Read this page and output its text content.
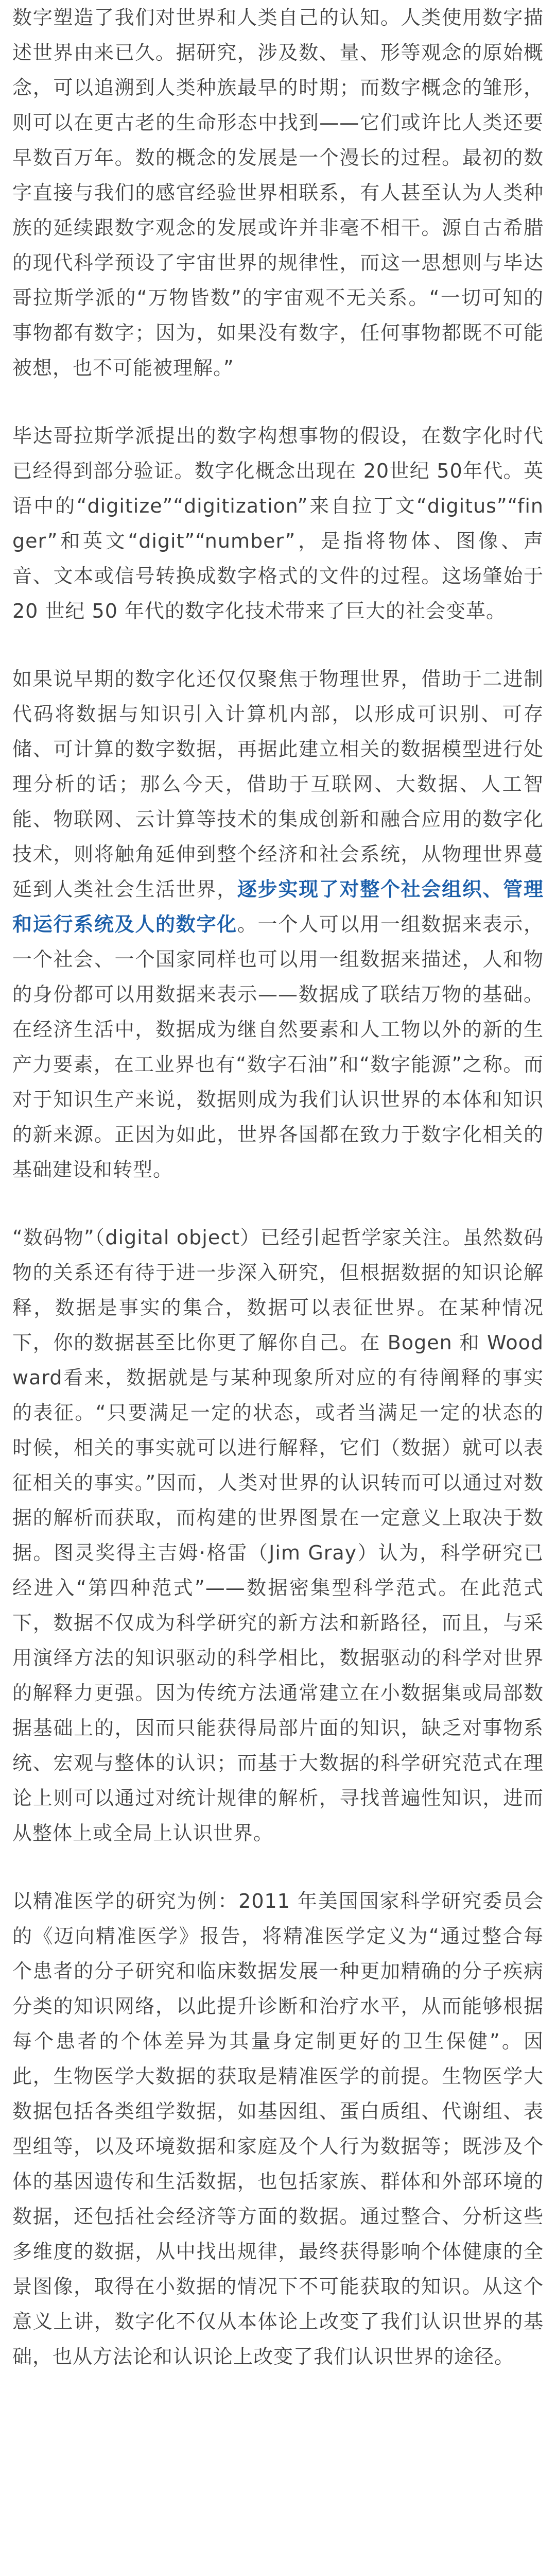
数字塑造了我们对世界和人类自己的认知。人类使用数字描述世界由来已久。据研究，涉及数、量、形等观念的原始概念，可以追溯到人类种族最早的时期；而数字概念的雏形，则可以在更古老的生命形态中找到——它们或许比人类还要早数百万年。数的概念的发展是一个漫长的过程。最初的数字直接与我们的感官经验世界相联系，有人甚至认为人类种族的延续跟数字观念的发展或许并非毫不相干。源自古希腊的现代科学预设了宇宙世界的规律性，而这一思想则与毕达哥拉斯学派的“万物皆数”的宇宙观不无关系。“一切可知的事物都有数字；因为，如果没有数字，任何事物都既不可能被想，也不可能被理解。”

毕达哥拉斯学派提出的数字构想事物的假设，在数字化时代已经得到部分验证。数字化概念出现在 20世纪 50年代。英语中的“digitize”“digitization”来自拉丁文“digitus”“finger”和英文“digit”“number”，是指将物体、图像、声音、文本或信号转换成数字格式的文件的过程。这场肇始于 20 世纪 50 年代的数字化技术带来了巨大的社会变革。

如果说早期的数字化还仅仅聚焦于物理世界，借助于二进制代码将数据与知识引入计算机内部，以形成可识别、可存储、可计算的数字数据，再据此建立相关的数据模型进行处理分析的话；那么今天，借助于互联网、大数据、人工智能、物联网、云计算等技术的集成创新和融合应用的数字化技术，则将触角延伸到整个经济和社会系统，从物理世界蔓延到人类社会生活世界，逐步实现了对整个社会组织、管理和运行系统及人的数字化。一个人可以用一组数据来表示，一个社会、一个国家同样也可以用一组数据来描述，人和物的身份都可以用数据来表示——数据成了联结万物的基础。在经济生活中，数据成为继自然要素和人工物以外的新的生产力要素，在工业界也有“数字石油”和“数字能源”之称。而对于知识生产来说，数据则成为我们认识世界的本体和知识的新来源。正因为如此，世界各国都在致力于数字化相关的基础建设和转型。

“数码物”（digital object）已经引起哲学家关注。虽然数码物的关系还有待于进一步深入研究，但根据数据的知识论解释，数据是事实的集合，数据可以表征世界。在某种情况下，你的数据甚至比你更了解你自己。在 Bogen 和 Woodward看来，数据就是与某种现象所对应的有待阐释的事实的表征。“只要满足一定的状态，或者当满足一定的状态的时候，相关的事实就可以进行解释，它们（数据）就可以表征相关的事实。”因而，人类对世界的认识转而可以通过对数据的解析而获取，而构建的世界图景在一定意义上取决于数据。图灵奖得主吉姆·格雷（Jim Gray）认为，科学研究已经进入“第四种范式”——数据密集型科学范式。在此范式下，数据不仅成为科学研究的新方法和新路径，而且，与采用演绎方法的知识驱动的科学相比，数据驱动的科学对世界的解释力更强。因为传统方法通常建立在小数据集或局部数据基础上的，因而只能获得局部片面的知识，缺乏对事物系统、宏观与整体的认识；而基于大数据的科学研究范式在理论上则可以通过对统计规律的解析，寻找普遍性知识，进而从整体上或全局上认识世界。

以精准医学的研究为例：2011 年美国国家科学研究委员会的《迈向精准医学》报告，将精准医学定义为“通过整合每个患者的分子研究和临床数据发展一种更加精确的分子疾病分类的知识网络，以此提升诊断和治疗水平，从而能够根据每个患者的个体差异为其量身定制更好的卫生保健”。因此，生物医学大数据的获取是精准医学的前提。生物医学大数据包括各类组学数据，如基因组、蛋白质组、代谢组、表型组等，以及环境数据和家庭及个人行为数据等；既涉及个体的基因遗传和生活数据，也包括家族、群体和外部环境的数据，还包括社会经济等方面的数据。通过整合、分析这些多维度的数据，从中找出规律，最终获得影响个体健康的全景图像，取得在小数据的情况下不可能获取的知识。从这个意义上讲，数字化不仅从本体论上改变了我们认识世界的基础，也从方法论和认识论上改变了我们认识世界的途径。
